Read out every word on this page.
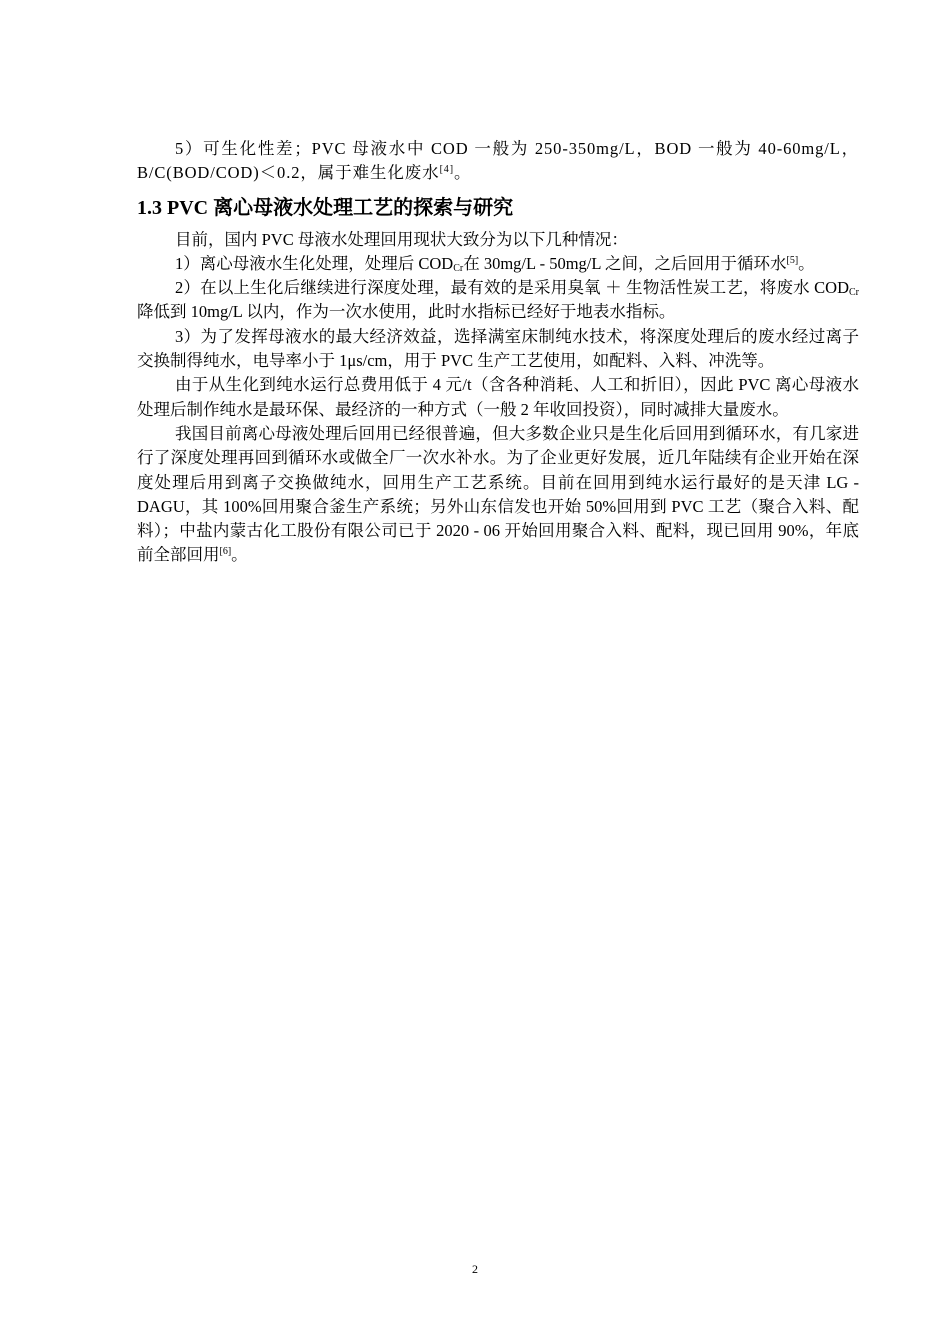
5）可生化性差；PVC 母液水中 COD 一般为 250-350mg/L，BOD 一般为 40-60mg/L，B/C(BOD/COD)＜0.2，属于难生化废水[4]。

1.3 PVC 离心母液水处理工艺的探索与研究

目前，国内 PVC 母液水处理回用现状大致分为以下几种情况：

1）离心母液水生化处理，处理后 $COD_{Cr}$在 30mg/L - 50mg/L 之间，之后回用于循环水[5]。

2）在以上生化后继续进行深度处理，最有效的是采用臭氧 ＋ 生物活性炭工艺，将废水 $COD_{Cr}$降低到 10mg/L 以内，作为一次水使用，此时水指标已经好于地表水指标。

3）为了发挥母液水的最大经济效益，选择满室床制纯水技术，将深度处理后的废水经过离子交换制得纯水，电导率小于 1μs/cm，用于 PVC 生产工艺使用，如配料、入料、冲洗等。

由于从生化到纯水运行总费用低于 4 元/t（含各种消耗、人工和折旧），因此 PVC 离心母液水处理后制作纯水是最环保、最经济的一种方式（一般 2 年收回投资），同时减排大量废水。

我国目前离心母液处理后回用已经很普遍，但大多数企业只是生化后回用到循环水，有几家进行了深度处理再回到循环水或做全厂一次水补水。为了企业更好发展，近几年陆续有企业开始在深度处理后用到离子交换做纯水，回用生产工艺系统。目前在回用到纯水运行最好的是天津 LG - DAGU，其 100%回用聚合釜生产系统；另外山东信发也开始 50%回用到 PVC 工艺（聚合入料、配料）；中盐内蒙古化工股份有限公司已于 2020 - 06 开始回用聚合入料、配料，现已回用 90%，年底前全部回用[6]。

2
